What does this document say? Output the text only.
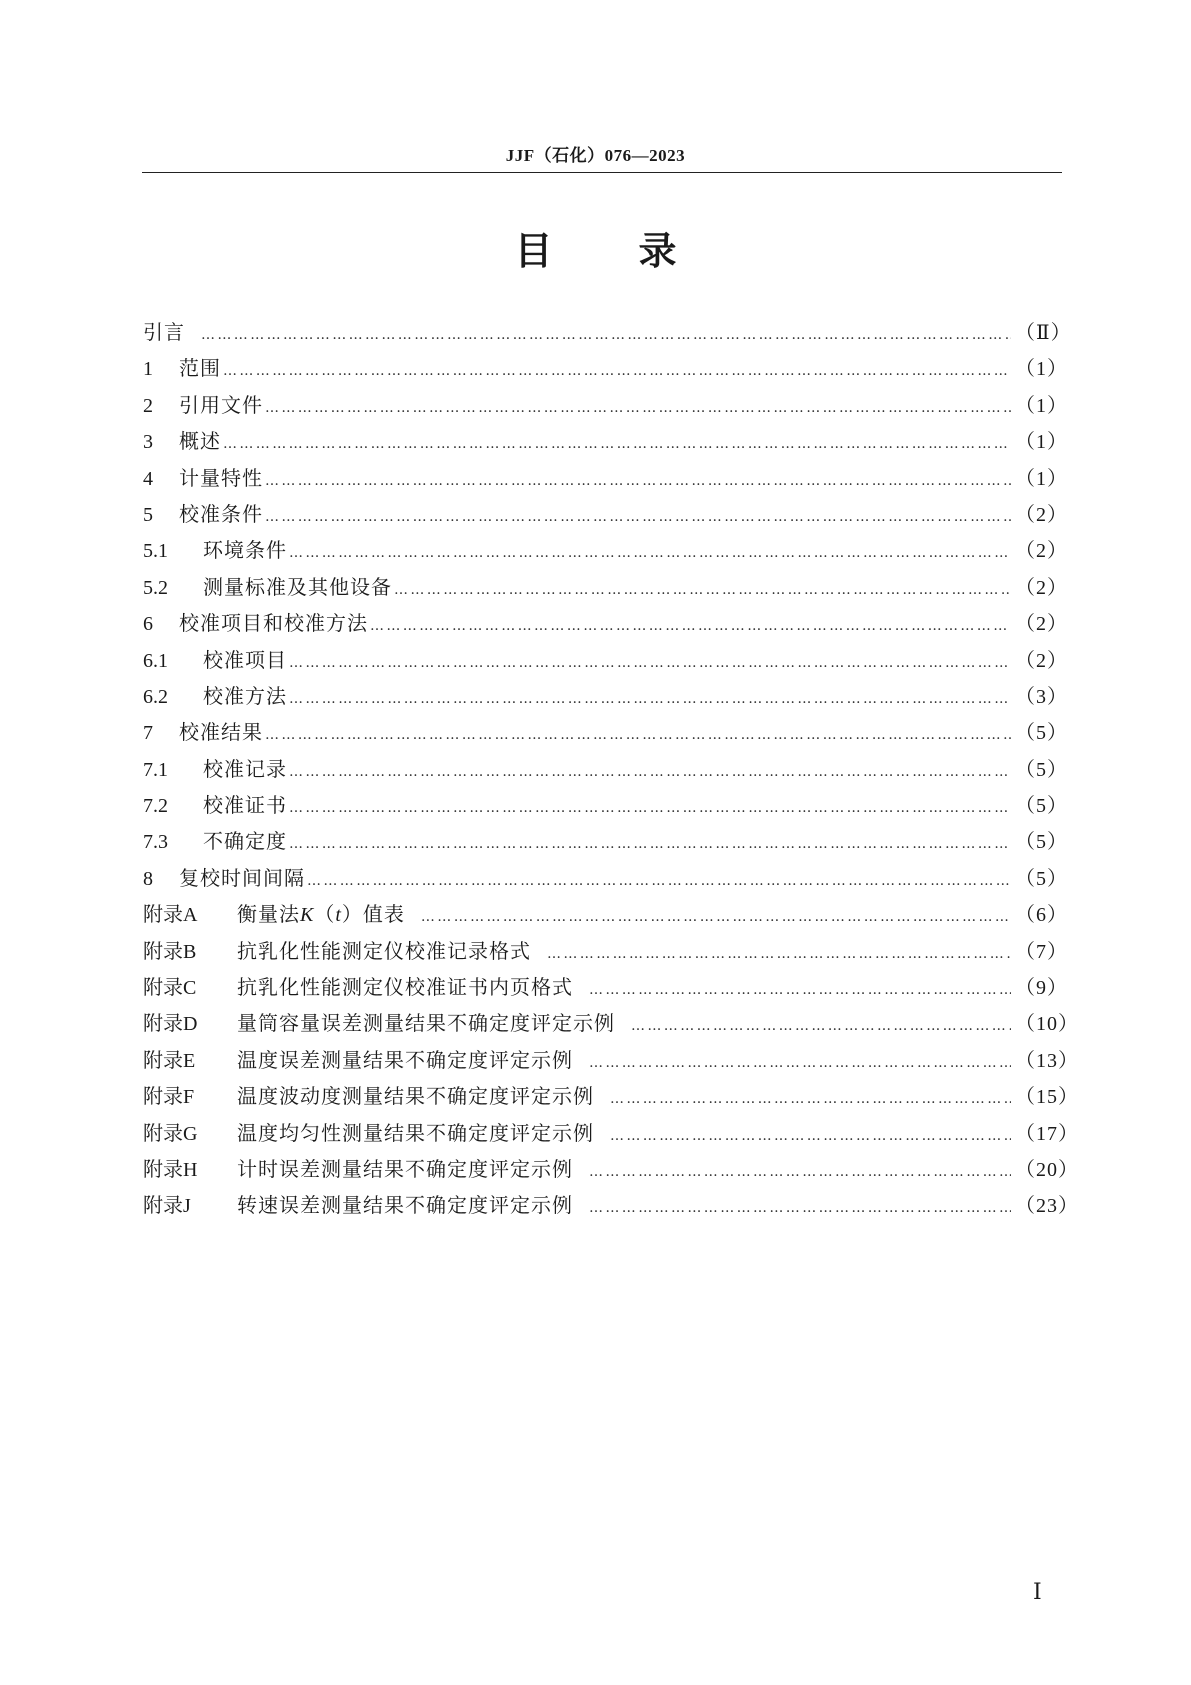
JJF（石化）076—2023
目 录
引言 …………………………………………………………………………………………………………………………………………………………………………………………………………………………………………	（Ⅱ）
1	范围 …………………………………………………………………………………………………………………………………………………………………………………………………………………………………………	（1）
2	引用文件 …………………………………………………………………………………………………………………………………………………………………………………………………………………………………………	（1）
3	概述 …………………………………………………………………………………………………………………………………………………………………………………………………………………………………………	（1）
4	计量特性 …………………………………………………………………………………………………………………………………………………………………………………………………………………………………………	（1）
5	校准条件 …………………………………………………………………………………………………………………………………………………………………………………………………………………………………………	（2）
5.1	环境条件 …………………………………………………………………………………………………………………………………………………………………………………………………………………………………………	（2）
5.2	测量标准及其他设备 …………………………………………………………………………………………………………………………………………………………………………………………………………………………………………	（2）
6	校准项目和校准方法 …………………………………………………………………………………………………………………………………………………………………………………………………………………………………………	（2）
6.1	校准项目 …………………………………………………………………………………………………………………………………………………………………………………………………………………………………………	（2）
6.2	校准方法 …………………………………………………………………………………………………………………………………………………………………………………………………………………………………………	（3）
7	校准结果 …………………………………………………………………………………………………………………………………………………………………………………………………………………………………………	（5）
7.1	校准记录 …………………………………………………………………………………………………………………………………………………………………………………………………………………………………………	（5）
7.2	校准证书 …………………………………………………………………………………………………………………………………………………………………………………………………………………………………………	（5）
7.3	不确定度 …………………………………………………………………………………………………………………………………………………………………………………………………………………………………………	（5）
8	复校时间间隔 …………………………………………………………………………………………………………………………………………………………………………………………………………………………………………	（5）
附录A	衡量法K（t）值表 …………………………………………………………………………………………………………………………………………………………………………………………………………………………………………	（6）
附录B	抗乳化性能测定仪校准记录格式 …………………………………………………………………………………………………………………………………………………………………………………………………………………………………………	（7）
附录C	抗乳化性能测定仪校准证书内页格式 …………………………………………………………………………………………………………………………………………………………………………………………………………………………………………	（9）
附录D	量筒容量误差测量结果不确定度评定示例 …………………………………………………………………………………………………………………………………………………………………………………………………………………………………………	（10）
附录E	温度误差测量结果不确定度评定示例 …………………………………………………………………………………………………………………………………………………………………………………………………………………………………………	（13）
附录F	温度波动度测量结果不确定度评定示例 …………………………………………………………………………………………………………………………………………………………………………………………………………………………………………	（15）
附录G	温度均匀性测量结果不确定度评定示例 …………………………………………………………………………………………………………………………………………………………………………………………………………………………………………	（17）
附录H	计时误差测量结果不确定度评定示例 …………………………………………………………………………………………………………………………………………………………………………………………………………………………………………	（20）
附录J	转速误差测量结果不确定度评定示例 …………………………………………………………………………………………………………………………………………………………………………………………………………………………………………	（23）
Ⅰ
